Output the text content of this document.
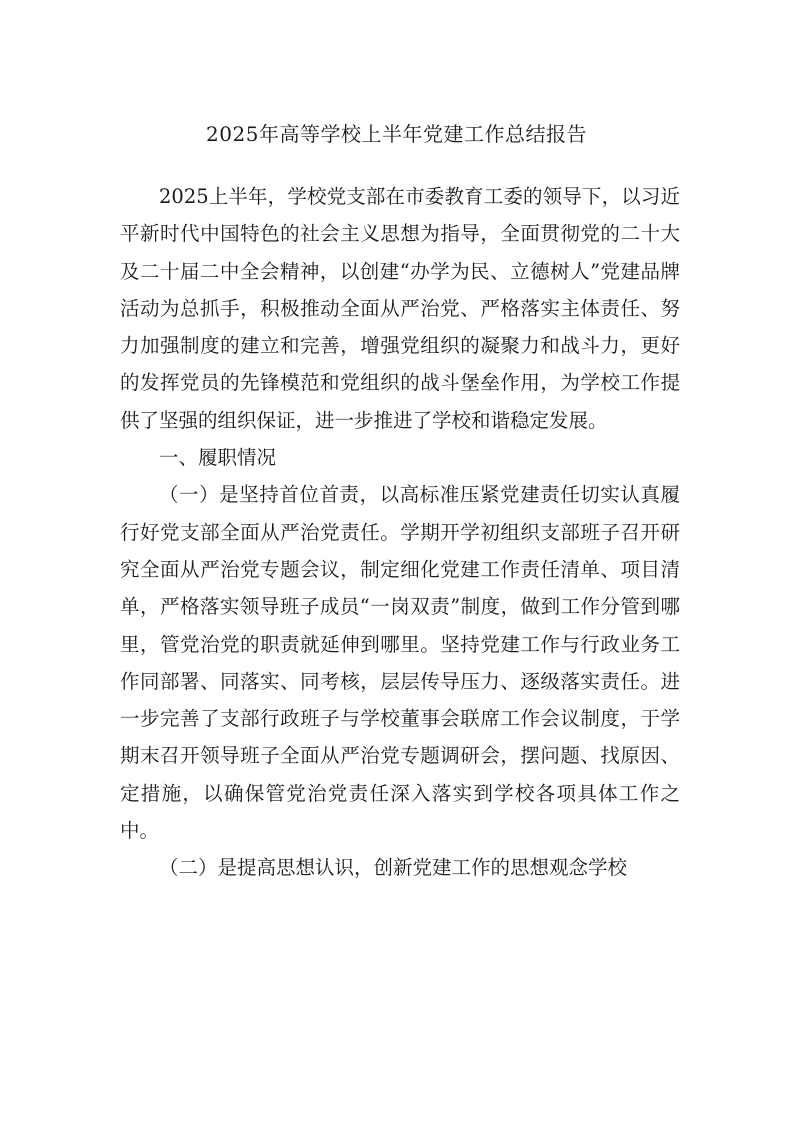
2025年高等学校上半年党建工作总结报告

2025上半年，学校党支部在市委教育工委的领导下，以习近平新时代中国特色的社会主义思想为指导，全面贯彻党的二十大及二十届二中全会精神，以创建“办学为民、立德树人”党建品牌活动为总抓手，积极推动全面从严治党、严格落实主体责任、努力加强制度的建立和完善，增强党组织的凝聚力和战斗力，更好的发挥党员的先锋模范和党组织的战斗堡垒作用，为学校工作提供了坚强的组织保证，进一步推进了学校和谐稳定发展。

一、履职情况

（一）是坚持首位首责，以高标准压紧党建责任切实认真履行好党支部全面从严治党责任。学期开学初组织支部班子召开研究全面从严治党专题会议，制定细化党建工作责任清单、项目清单，严格落实领导班子成员“一岗双责”制度，做到工作分管到哪里，管党治党的职责就延伸到哪里。坚持党建工作与行政业务工作同部署、同落实、同考核，层层传导压力、逐级落实责任。进一步完善了支部行政班子与学校董事会联席工作会议制度，于学期末召开领导班子全面从严治党专题调研会，摆问题、找原因、定措施，以确保管党治党责任深入落实到学校各项具体工作之中。

（二）是提高思想认识，创新党建工作的思想观念学校
